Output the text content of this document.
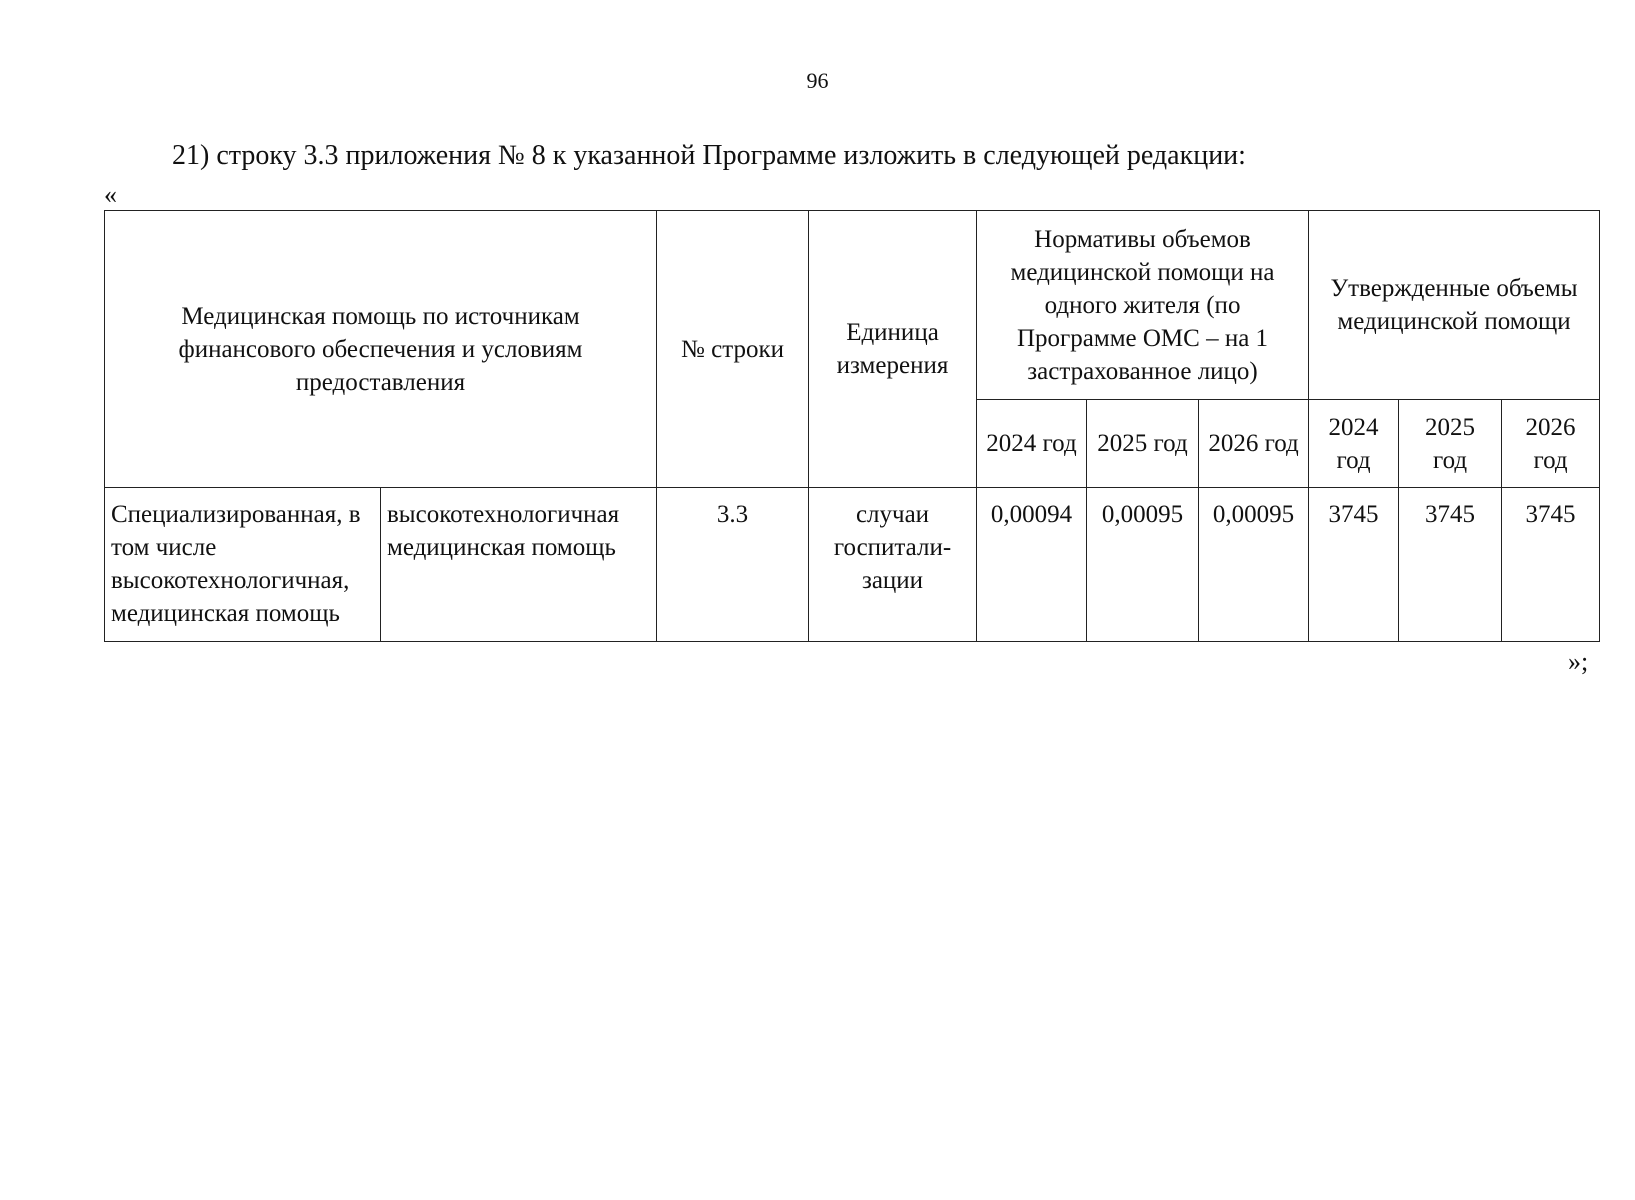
96
21) строку 3.3 приложения № 8 к указанной Программе изложить в следующей редакции:
«
Медицинская помощь по источникам финансового обеспечения и условиям предоставления		№ строки	Единица измерения	Нормативы объемов медицинской помощи на одного жителя (по Программе ОМС – на 1 застрахованное лицо)			Утвержденные объемы медицинской помощи		
				2024 год	2025 год	2026 год	2024 год	2025 год	2026 год
Специализированная, в том числе высокотехнологичная, медицинская помощь	высокотехнологичная медицинская помощь	3.3	случаи госпитали-зации	0,00094	0,00095	0,00095	3745	3745	3745
»;
